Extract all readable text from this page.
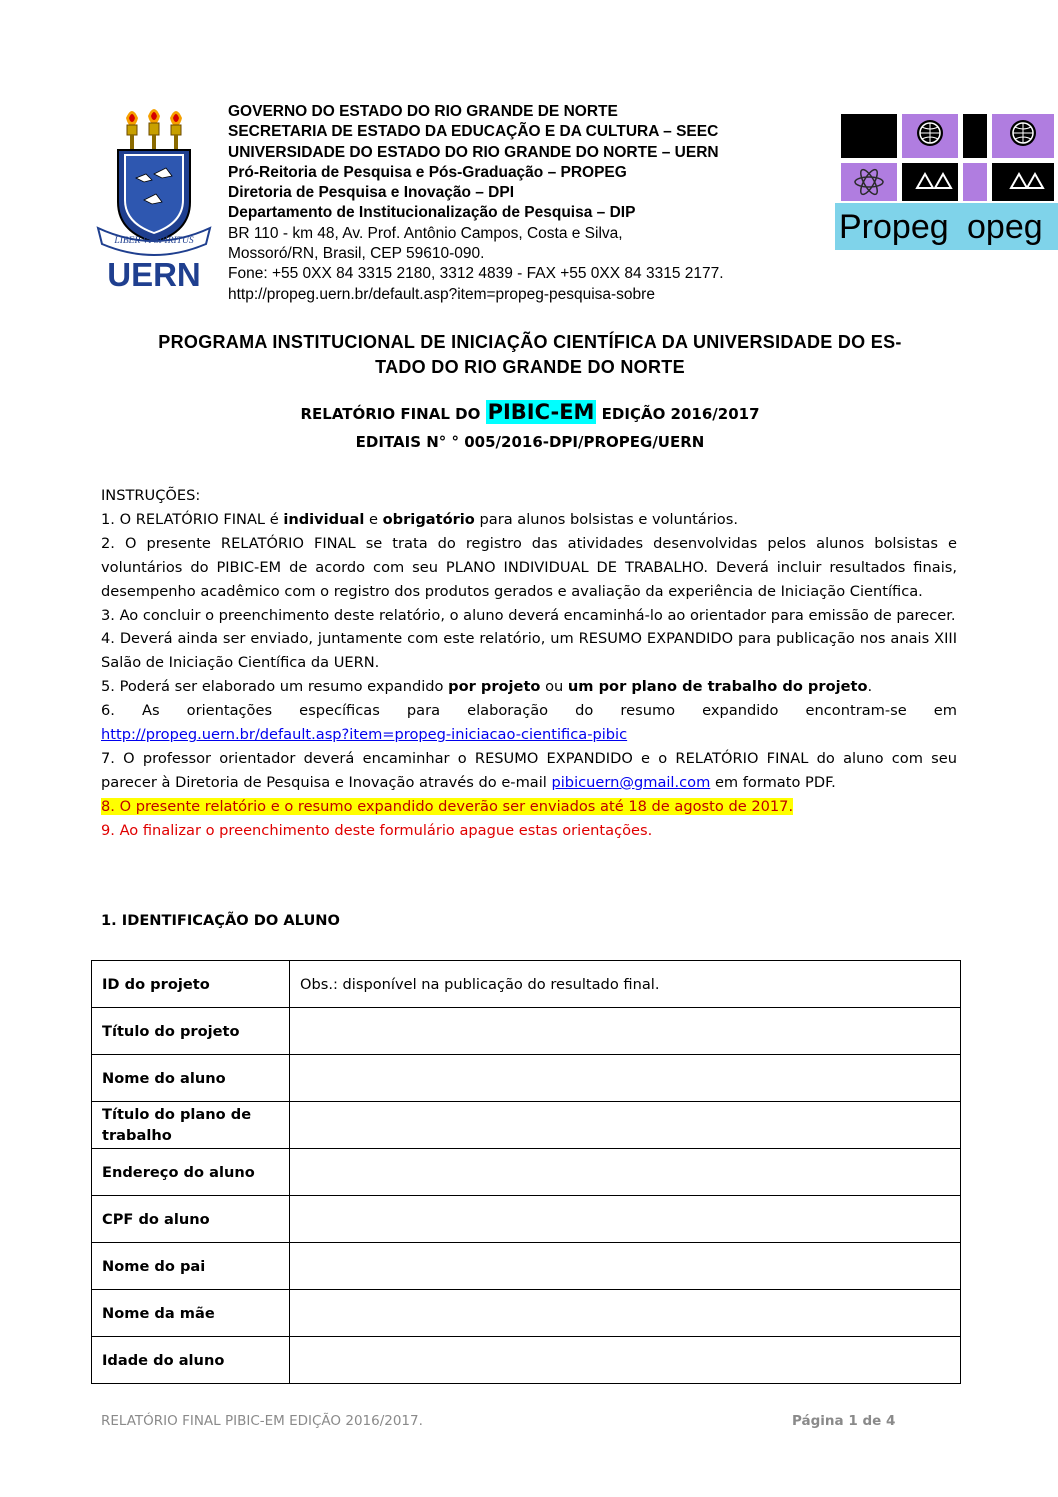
LIBER VI SPIRITUS
UERN
GOVERNO DO ESTADO DO RIO GRANDE DE NORTE
SECRETARIA DE ESTADO DA EDUCAÇÃO E DA CULTURA – SEEC
UNIVERSIDADE DO ESTADO DO RIO GRANDE DO NORTE – UERN
Pró-Reitoria de Pesquisa e Pós-Graduação – PROPEG
Diretoria de Pesquisa e Inovação – DPI
Departamento de Institucionalização de Pesquisa – DIP
BR 110 - km 48, Av. Prof. Antônio Campos, Costa e Silva,
Mossoró/RN, Brasil, CEP 59610-090.
Fone: +55 0XX 84 3315 2180, 3312 4839 - FAX +55 0XX 84 3315 2177.
http://propeg.uern.br/default.asp?item=propeg-pesquisa-sobre
Propeg opeg
PROGRAMA INSTITUCIONAL DE INICIAÇÃO CIENTÍFICA DA UNIVERSIDADE DO ES-
TADO DO RIO GRANDE DO NORTE
RELATÓRIO FINAL DO PIBIC-EM EDIÇÃO 2016/2017
EDITAIS N° ° 005/2016-DPI/PROPEG/UERN

INSTRUÇÕES:

1. O RELATÓRIO FINAL é individual e obrigatório para alunos bolsistas e voluntários.

2. O presente RELATÓRIO FINAL se trata do registro das atividades desenvolvidas pelos alunos bolsistas e voluntários do PIBIC-EM de acordo com seu PLANO INDIVIDUAL DE TRABALHO. Deverá incluir resultados finais, desempenho acadêmico com o registro dos produtos gerados e avaliação da experiência de Iniciação Científica.

3. Ao concluir o preenchimento deste relatório, o aluno deverá encaminhá-lo ao orientador para emissão de parecer.

4. Deverá ainda ser enviado, juntamente com este relatório, um RESUMO EXPANDIDO para publicação nos anais XIII Salão de Iniciação Científica da UERN.

5. Poderá ser elaborado um resumo expandido por projeto ou um por plano de trabalho do projeto.

6. As orientações específicas para elaboração do resumo expandido encontram-se em

http://propeg.uern.br/default.asp?item=propeg-iniciacao-cientifica-pibic

7. O professor orientador deverá encaminhar o RESUMO EXPANDIDO e o RELATÓRIO FINAL do aluno com seu parecer à Diretoria de Pesquisa e Inovação através do e-mail pibicuern@gmail.com em formato PDF.

8. O presente relatório e o resumo expandido deverão ser enviados até 18 de agosto de 2017.

9. Ao finalizar o preenchimento deste formulário apague estas orientações.

1. IDENTIFICAÇÃO DO ALUNO
ID do projeto	Obs.: disponível na publicação do resultado final.
Título do projeto	
Nome do aluno	
Título do plano de trabalho	
Endereço do aluno	
CPF do aluno	
Nome do pai	
Nome da mãe	
Idade do aluno	
RELATÓRIO FINAL PIBIC-EM EDIÇÃO 2016/2017.	Página 1 de 4
